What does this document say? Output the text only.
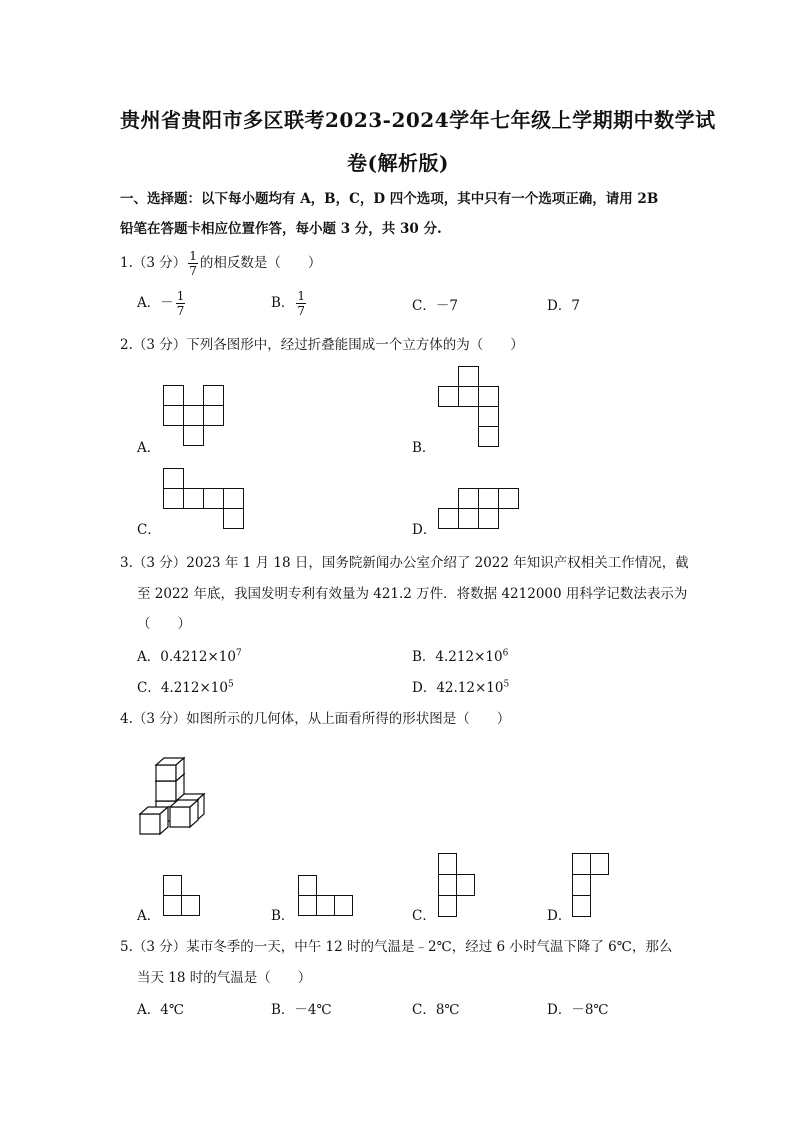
贵州省贵阳市多区联考2023-2024学年七年级上学期期中数学试
卷(解析版)
一、选择题：以下每小题均有 A，B，C，D 四个选项，其中只有一个选项正确，请用 2B
铅笔在答题卡相应位置作答，每小题 3 分，共 30 分.
1.（3 分） $\frac{1}{7}$ 的相反数是（　　）
A．－ $\frac{1}{7}$	B． $\frac{1}{7}$	C．－7	D．7
2.（3 分）下列各图形中，经过折叠能围成一个立方体的为（　　）
A．	B．
C．	D．
3.（3 分）2023 年 1 月 18 日，国务院新闻办公室介绍了 2022 年知识产权相关工作情况，截
至 2022 年底，我国发明专利有效量为 421.2 万件．将数据 4212000 用科学记数法表示为
（　　）
A．$0.4212\times 10^7$	B．$4.212\times 10^6$
C．$4.212\times 10^5$	D．$42.12\times 10^5$
4.（3 分）如图所示的几何体，从上面看所得的形状图是（　　）
A．	B．	C．	D．
5.（3 分）某市冬季的一天，中午 12 时的气温是﹣2℃，经过 6 小时气温下降了 6℃，那么
当天 18 时的气温是（　　）
A．4℃	B．－4℃	C．8℃	D．－8℃
